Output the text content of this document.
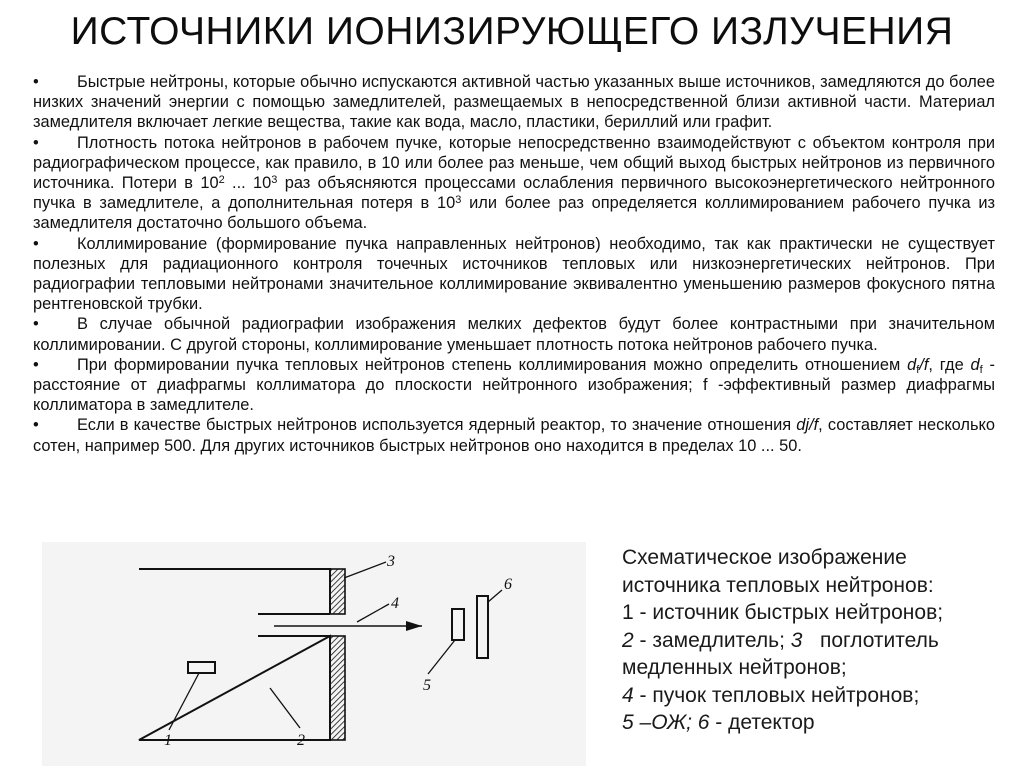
ИСТОЧНИКИ ИОНИЗИРУЮЩЕГО ИЗЛУЧЕНИЯ
• Быстрые нейтроны, которые обычно испускаются активной частью указанных выше источников, замедляются до более низких значений энергии с помощью замедлителей, размещаемых в непосредственной близи активной части. Материал замедлителя включает легкие вещества, такие как вода, масло, пластики, бериллий или графит.
• Плотность потока нейтронов в рабочем пучке, которые непосредственно взаимодействуют с объектом контроля при радиографическом процессе, как правило, в 10 или более раз меньше, чем общий выход быстрых нейтронов из первичного источника. Потери в $10^2$ ... $10^3$ раз объясняются процессами ослабления первичного высокоэнергетического нейтронного пучка в замедлителе, а дополнительная потеря в $10^3$ или более раз определяется коллимированием рабочего пучка из замедлителя достаточно большого объема.
• Коллимирование (формирование пучка направленных нейтронов) необходимо, так как практически не существует полезных для радиационного контроля точечных источников тепловых или низкоэнергетических нейтронов. При радиографии тепловыми нейтронами значительное коллимирование эквивалентно уменьшению размеров фокусного пятна рентгеновской трубки.
• В случае обычной радиографии изображения мелких дефектов будут более контрастными при значительном коллимировании. С другой стороны, коллимирование уменьшает плотность потока нейтронов рабочего пучка.
• При формировании пучка тепловых нейтронов степень коллимирования можно определить отношением $d_f/f$, где $d_f$ - расстояние от диафрагмы коллиматора до плоскости нейтронного изображения; f -эффективный размер диафрагмы коллиматора в замедлителе.
• Если в качестве быстрых нейтронов используется ядерный реактор, то значение отношения dj/f, составляет несколько сотен, например 500. Для других источников быстрых нейтронов оно находится в пределах 10 ... 50.
1	2
3
4
5
6
Схематическое изображение
источника тепловых нейтронов:
1 - источник быстрых нейтронов;
2 - замедлитель; 3   поглотитель
медленных нейтронов;
4 - пучок тепловых нейтронов;
5 –ОЖ; 6 - детектор
